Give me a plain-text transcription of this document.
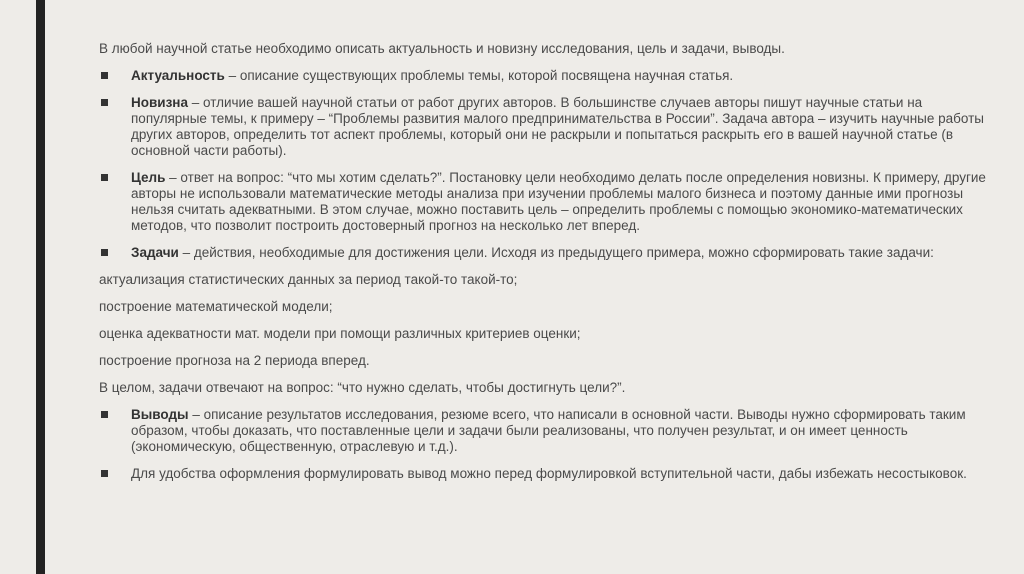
В любой научной статье необходимо описать актуальность и новизну исследования, цель и задачи, выводы.

Актуальность – описание существующих проблемы темы, которой посвящена научная статья.
Новизна – отличие вашей научной статьи от работ других авторов. В большинстве случаев авторы пишут научные статьи на популярные темы, к примеру – “Проблемы развития малого предпринимательства в России”. Задача автора – изучить научные работы других авторов, определить тот аспект проблемы, который они не раскрыли и попытаться раскрыть его в вашей научной статье (в основной части работы).
Цель – ответ на вопрос: “что мы хотим сделать?”. Постановку цели необходимо делать после определения новизны. К примеру, другие авторы не использовали математические методы анализа при изучении проблемы малого бизнеса и поэтому данные ими прогнозы нельзя считать адекватными. В этом случае, можно поставить цель – определить проблемы с помощью экономико-математических методов, что позволит построить достоверный прогноз на несколько лет вперед.
Задачи – действия, необходимые для достижения цели. Исходя из предыдущего примера, можно сформировать такие задачи:

актуализация статистических данных за период такой-то такой-то;

построение математической модели;

оценка адекватности мат. модели при помощи различных критериев оценки;

построение прогноза на 2 периода вперед.

В целом, задачи отвечают на вопрос: “что нужно сделать, чтобы достигнуть цели?”.

Выводы – описание результатов исследования, резюме всего, что написали в основной части. Выводы нужно сформировать таким образом, чтобы доказать, что поставленные цели и задачи были реализованы, что получен результат, и он имеет ценность (экономическую, общественную, отраслевую и т.д.).
Для удобства оформления формулировать вывод можно перед формулировкой вступительной части, дабы избежать несостыковок.
